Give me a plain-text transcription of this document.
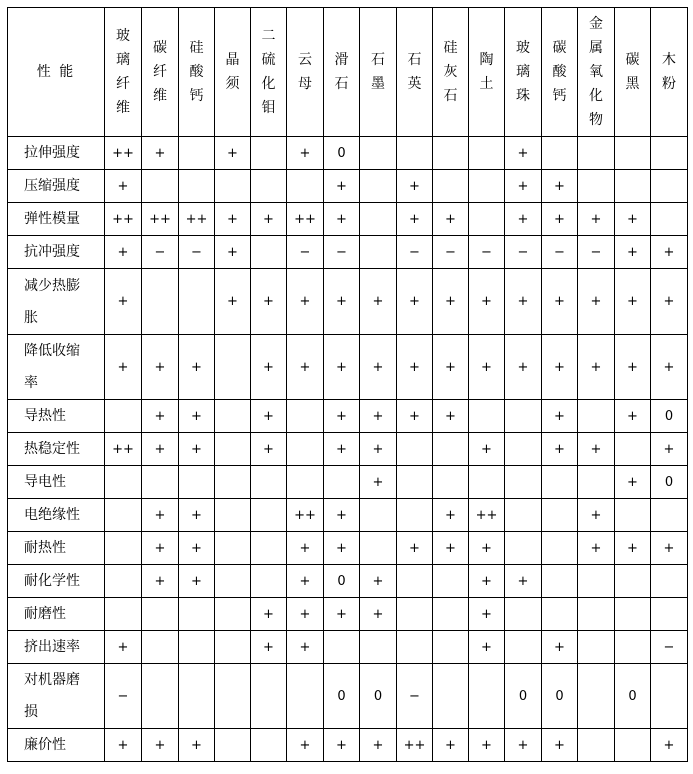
性 能	玻
璃
纤
维	碳
纤
维	硅
酸
钙	晶
须	二
硫
化
钼	云
母	滑
石	石
墨	石
英	硅
灰
石	陶
土	玻
璃
珠	碳
酸
钙	金
属
氧
化
物	碳
黑	木
粉

拉伸强度	++	+		+		+	0					+				
压缩强度	+						+		+			+	+			
弹性模量	++	++	++	+	+	++	+		+	+		+	+	+	+	
抗冲强度	+	−	−	+		−	−		−	−	−	−	−	−	+	+

减少热膨
胀	+			+	+	+	+	+	+	+	+	+	+	+	+	+

降低收缩
率	+	+	+		+	+	+	+	+	+	+	+	+	+	+	+
导热性		+	+		+		+	+	+	+			+		+	0
热稳定性	++	+	+		+		+	+			+		+	+		+
导电性								+							+	0
电绝缘性		+	+			++	+			+	++			+		
耐热性		+	+			+	+		+	+	+			+	+	+
耐化学性		+	+			+	0	+			+	+				
耐磨性					+	+	+	+			+					
挤出速率	+				+	+					+		+			−

对机器磨
损	−						0	0	−			0	0		0	
廉价性	+	+	+			+	+	+	++	+	+	+	+			+
